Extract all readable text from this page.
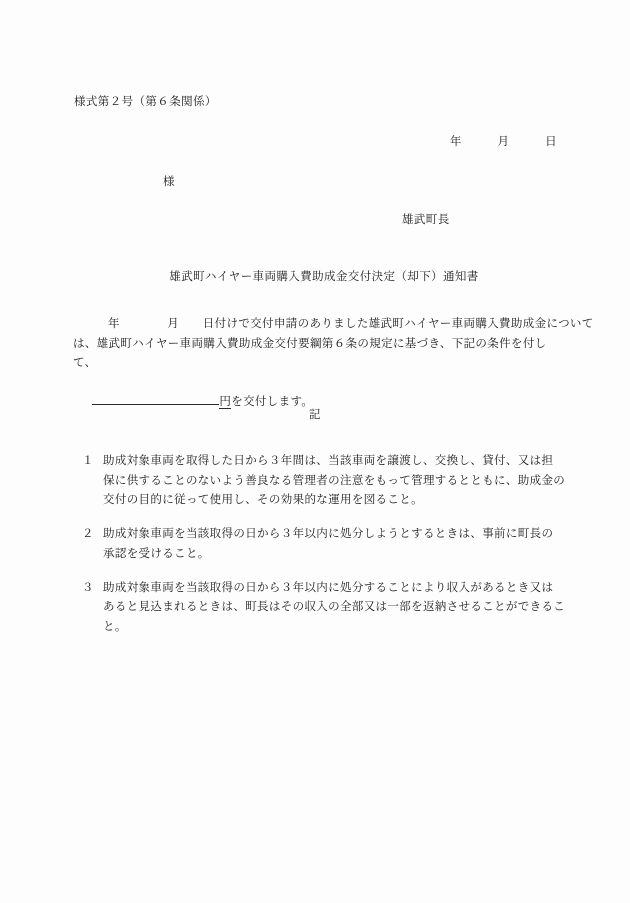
様式第２号（第６条関係）
年　　　月　　　日
様
雄武町長
雄武町ハイヤー車両購入費助成金交付決定（却下）通知書
年　　　　月　　日付けで交付申請のありました雄武町ハイヤー車両購入費助成金について
は、雄武町ハイヤー車両購入費助成金交付要綱第６条の規定に基づき、下記の条件を付し
て、

円を交付します。

記
１ 助成対象車両を取得した日から３年間は、当該車両を譲渡し、交換し、貸付、又は担
保に供することのないよう善良なる管理者の注意をもって管理するとともに、助成金の
交付の目的に従って使用し、その効果的な運用を図ること。
２ 助成対象車両を当該取得の日から３年以内に処分しようとするときは、事前に町長の
承認を受けること。
３ 助成対象車両を当該取得の日から３年以内に処分することにより収入があるとき又は
あると見込まれるときは、町長はその収入の全部又は一部を返納させることができるこ
と。
